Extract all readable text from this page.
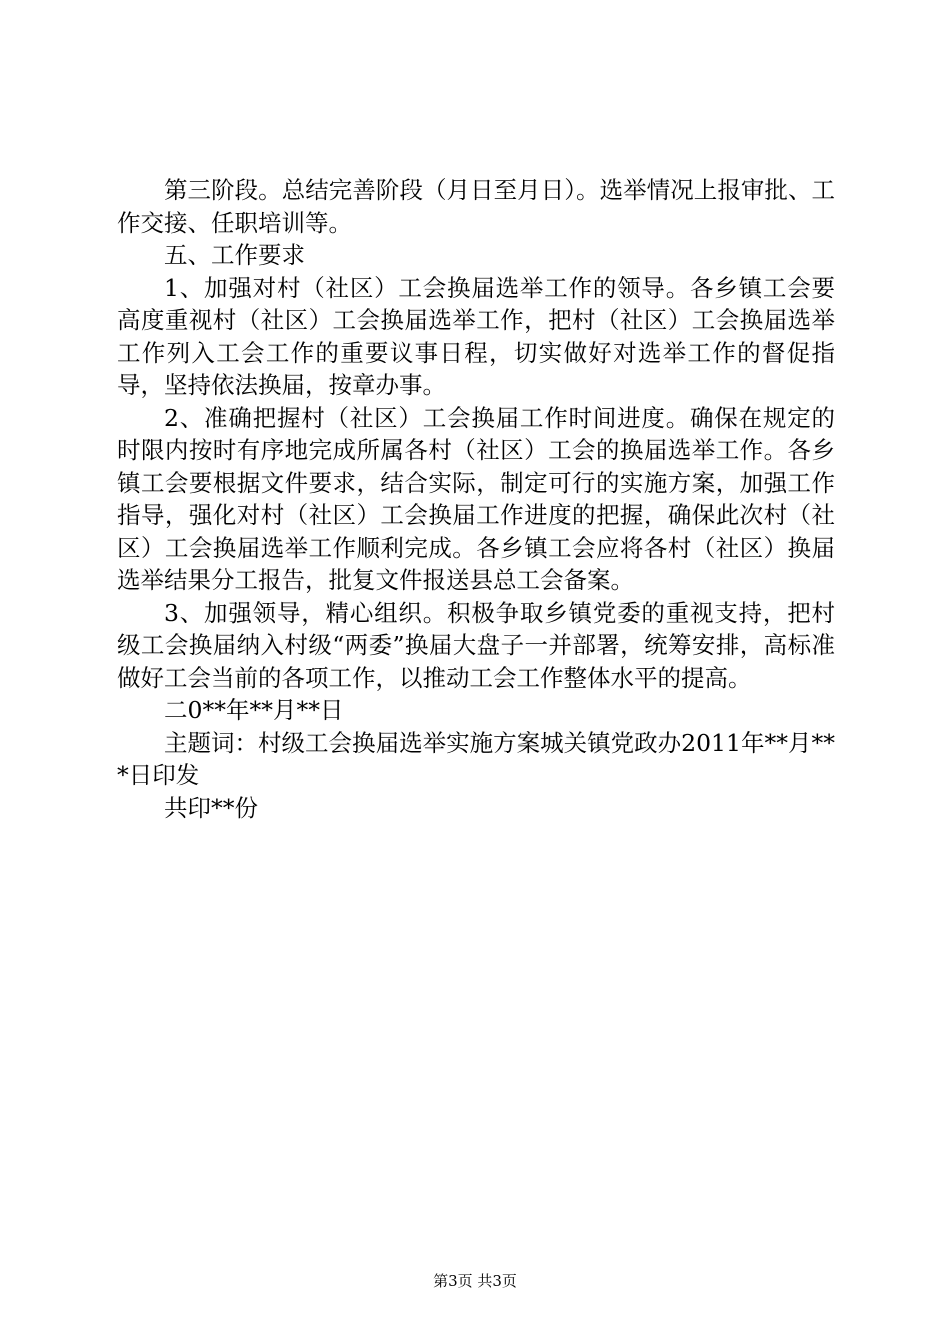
第三阶段。总结完善阶段（月日至月日）。选举情况上报审批、工作交接、任职培训等。

五、工作要求

1、加强对村（社区）工会换届选举工作的领导。各乡镇工会要高度重视村（社区）工会换届选举工作，把村（社区）工会换届选举工作列入工会工作的重要议事日程，切实做好对选举工作的督促指导，坚持依法换届，按章办事。

2、准确把握村（社区）工会换届工作时间进度。确保在规定的时限内按时有序地完成所属各村（社区）工会的换届选举工作。各乡镇工会要根据文件要求，结合实际，制定可行的实施方案，加强工作指导，强化对村（社区）工会换届工作进度的把握，确保此次村（社区）工会换届选举工作顺利完成。各乡镇工会应将各村（社区）换届选举结果分工报告，批复文件报送县总工会备案。

3、加强领导，精心组织。积极争取乡镇党委的重视支持，把村级工会换届纳入村级“两委”换届大盘子一并部署，统筹安排，高标准做好工会当前的各项工作，以推动工会工作整体水平的提高。

二0**年**月**日

主题词：村级工会换届选举实施方案城关镇党政办2011年**月***日印发

共印**份

第3页 共3页
